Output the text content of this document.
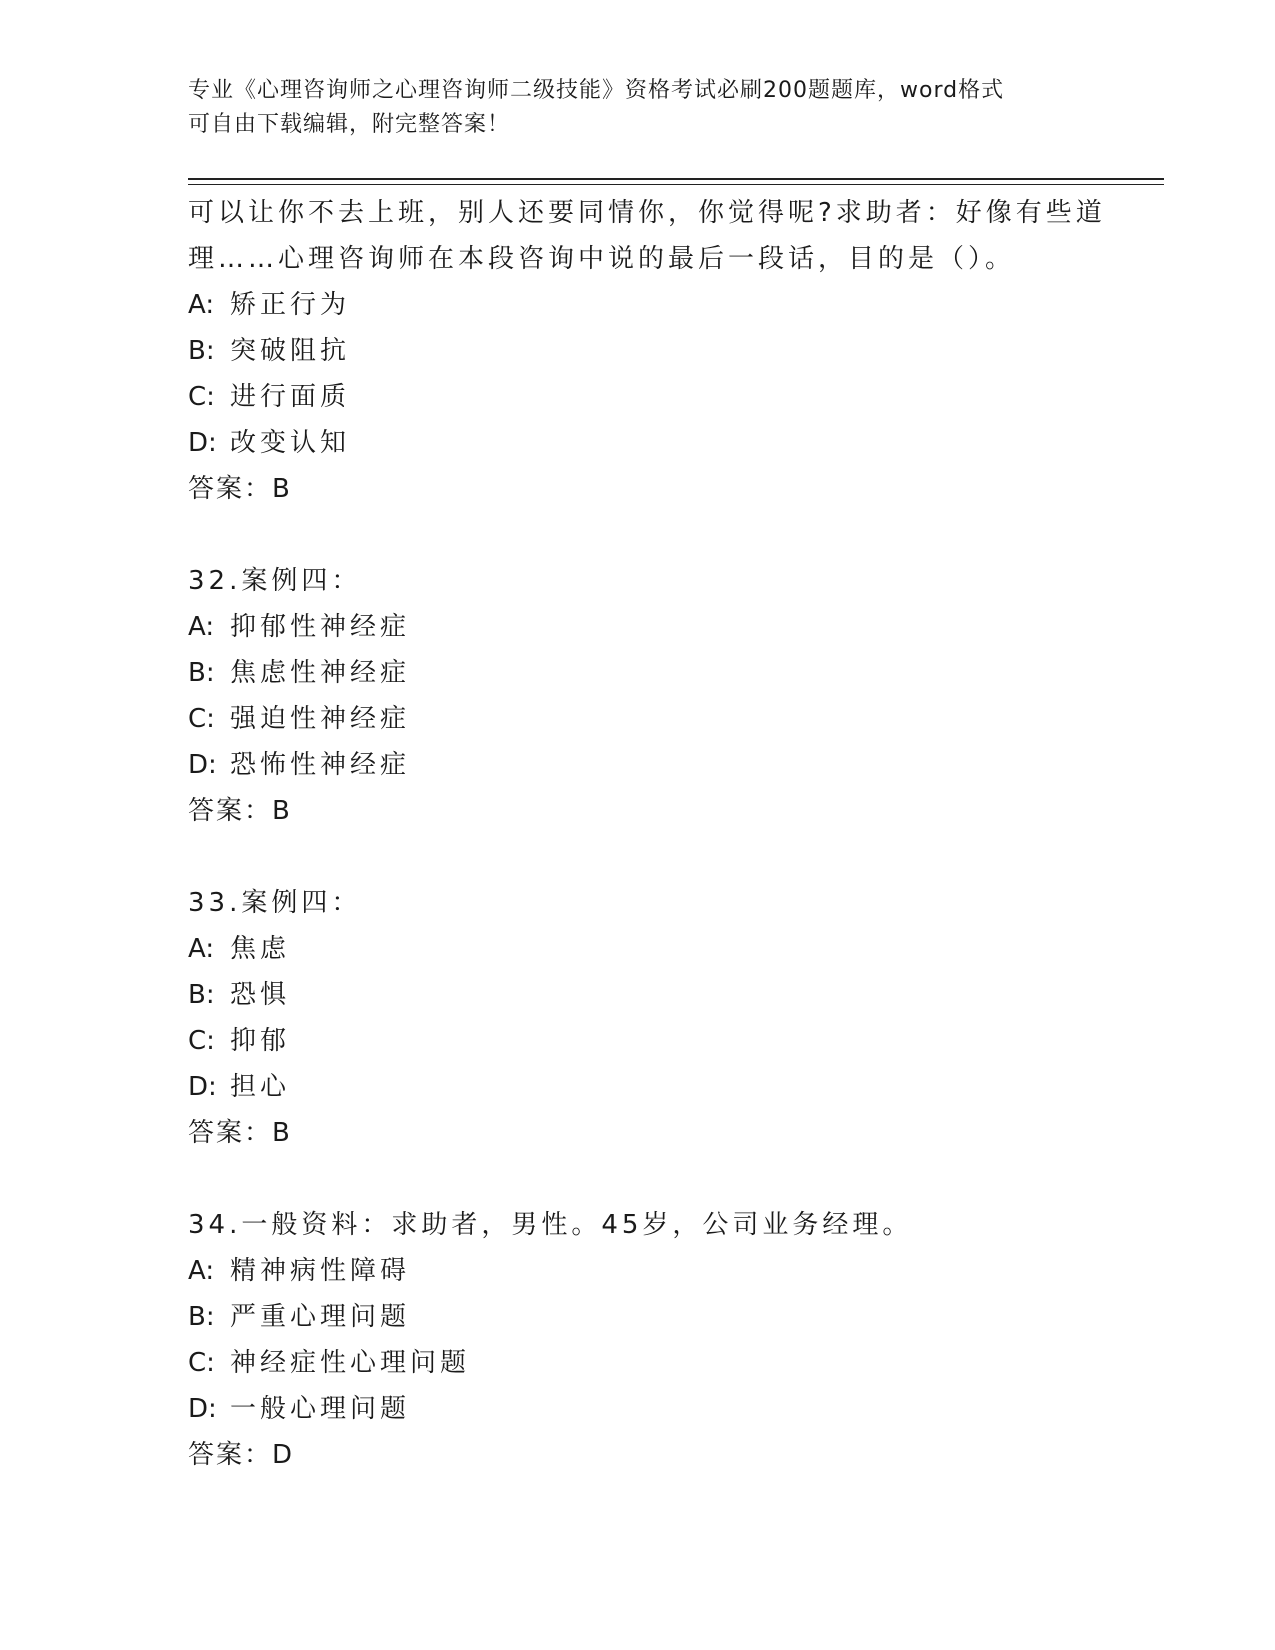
专业《心理咨询师之心理咨询师二级技能》资格考试必刷200题题库，word格式
可自由下载编辑，附完整答案！
可以让你不去上班，别人还要同情你，你觉得呢?求助者：好像有些道
理……心理咨询师在本段咨询中说的最后一段话，目的是（）。
A: 矫正行为
B: 突破阻抗
C: 进行面质
D: 改变认知
答案：B
32.案例四：
A: 抑郁性神经症
B: 焦虑性神经症
C: 强迫性神经症
D: 恐怖性神经症
答案：B
33.案例四：
A: 焦虑
B: 恐惧
C: 抑郁
D: 担心
答案：B
34.一般资料：求助者，男性。45岁，公司业务经理。
A: 精神病性障碍
B: 严重心理问题
C: 神经症性心理问题
D: 一般心理问题
答案：D
